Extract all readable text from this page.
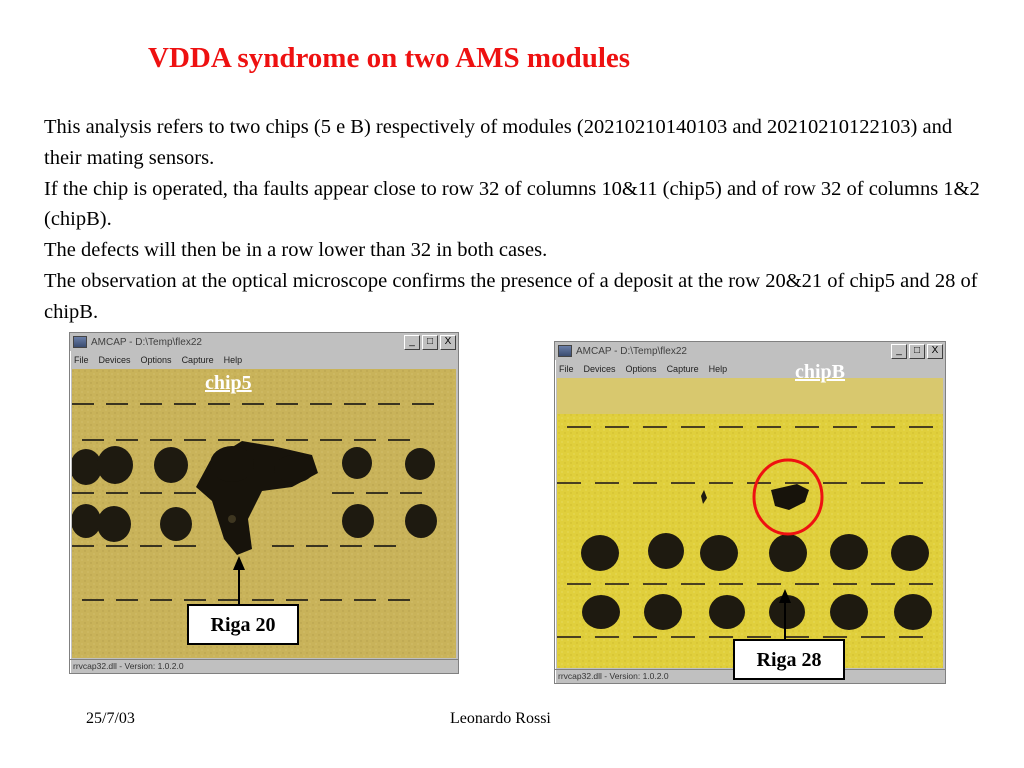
VDDA syndrome on two AMS modules

This analysis refers to two chips (5 e B) respectively of modules (20210210140103 and 20210210122103) and their mating sensors.

If the chip is operated, tha faults appear close to row 32 of columns 10&11 (chip5) and of row 32 of columns 1&2 (chipB).

The defects will then be in a row lower than 32 in both cases.

The observation at the optical microscope confirms the presence of a deposit at the row 20&21 of chip5 and 28 of chipB.

AMCAP - D:\Temp\flex22	_	□	X
File Devices Options Capture Help
rrvcap32.dll - Version: 1.0.2.0
AMCAP - D:\Temp\flex22	_	□	X
File Devices Options Capture Help
rrvcap32.dll - Version: 1.0.2.0
chip5	chipB
Riga 20
Riga 28
25/7/03	Leonardo Rossi
